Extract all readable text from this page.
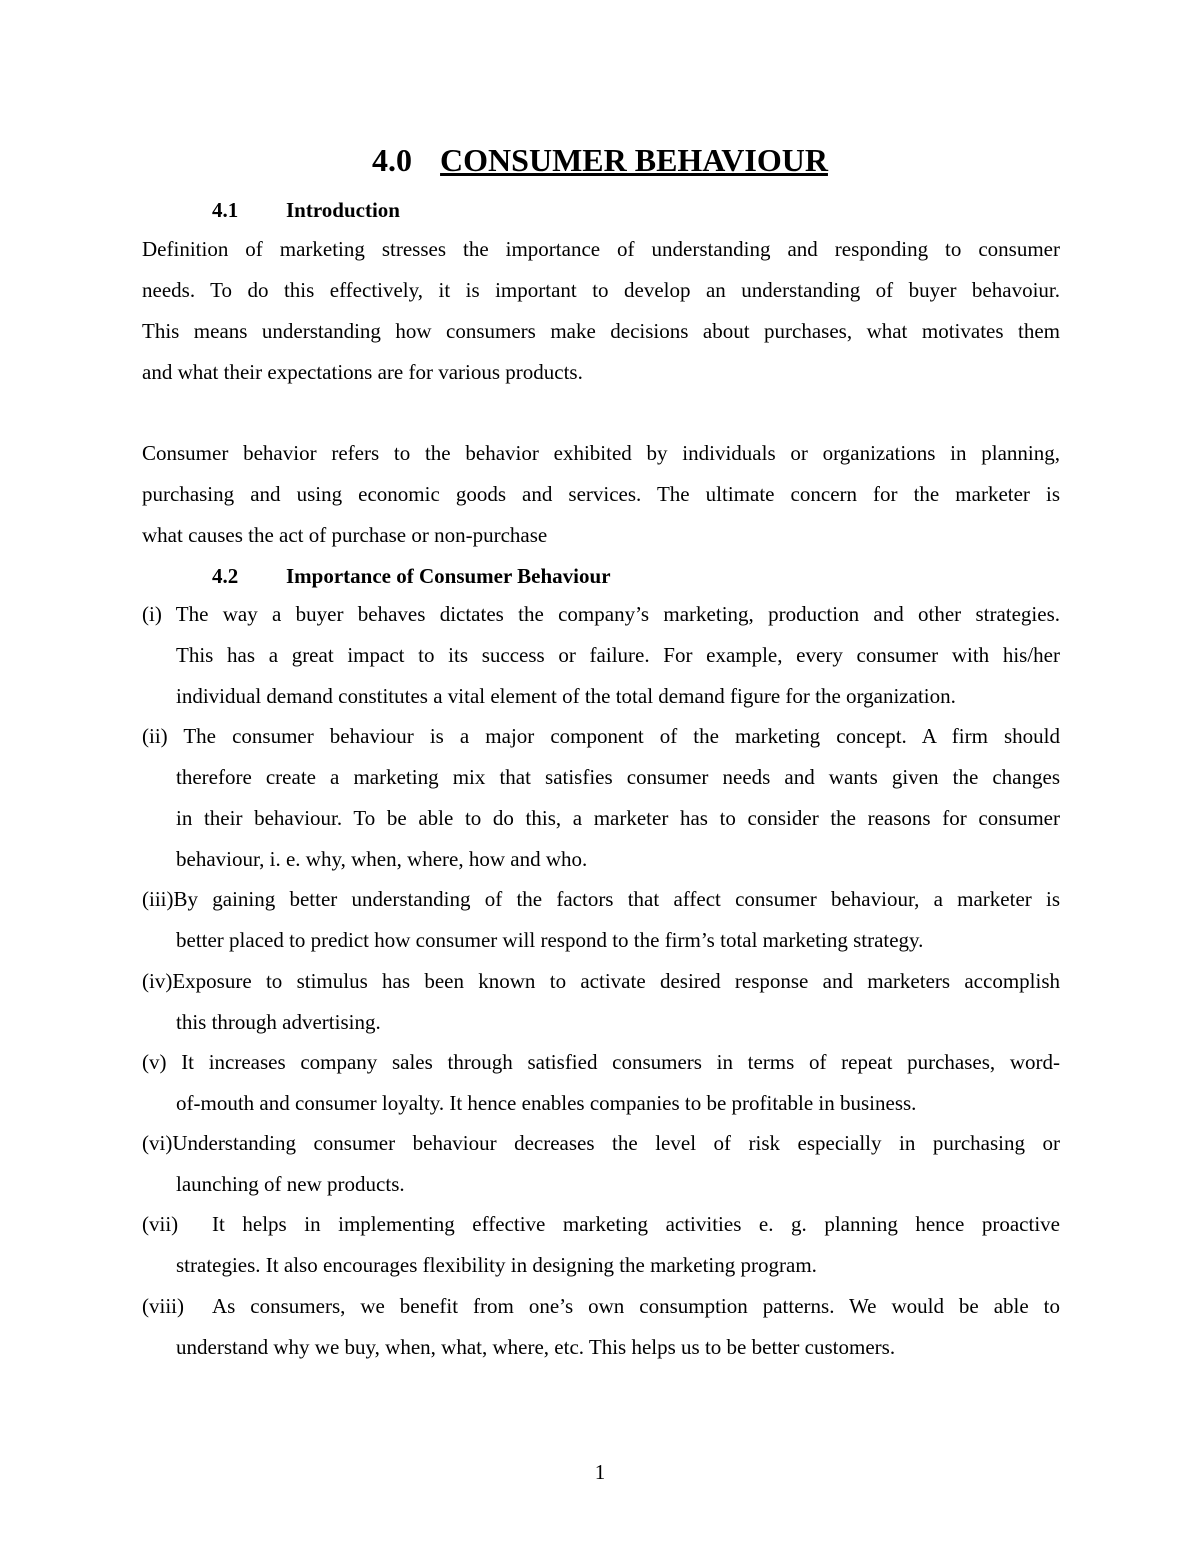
4.0 CONSUMER BEHAVIOUR
4.1 Introduction
Definition of marketing stresses the importance of understanding and responding to consumer
needs. To do this effectively, it is important to develop an understanding of buyer behavoiur.
This means understanding how consumers make decisions about purchases, what motivates them
and what their expectations are for various products.
Consumer behavior refers to the behavior exhibited by individuals or organizations in planning,
purchasing and using economic goods and services. The ultimate concern for the marketer is
what causes the act of purchase or non-purchase
4.2 Importance of Consumer Behaviour
(i) The way a buyer behaves dictates the company’s marketing, production and other strategies.
This has a great impact to its success or failure. For example, every consumer with his/her
individual demand constitutes a vital element of the total demand figure for the organization.
(ii) The consumer behaviour is a major component of the marketing concept. A firm should
therefore create a marketing mix that satisfies consumer needs and wants given the changes
in their behaviour. To be able to do this, a marketer has to consider the reasons for consumer
behaviour, i. e. why, when, where, how and who.
(iii)By gaining better understanding of the factors that affect consumer behaviour, a marketer is
better placed to predict how consumer will respond to the firm’s total marketing strategy.
(iv)Exposure to stimulus has been known to activate desired response and marketers accomplish
this through advertising.
(v) It increases company sales through satisfied consumers in terms of repeat purchases, word-
of-mouth and consumer loyalty. It hence enables companies to be profitable in business.
(vi)Understanding consumer behaviour decreases the level of risk especially in purchasing or
launching of new products.
(vii) It helps in implementing effective marketing activities e. g. planning hence proactive
strategies. It also encourages flexibility in designing the marketing program.
(viii) As consumers, we benefit from one’s own consumption patterns. We would be able to
understand why we buy, when, what, where, etc. This helps us to be better customers.
1
